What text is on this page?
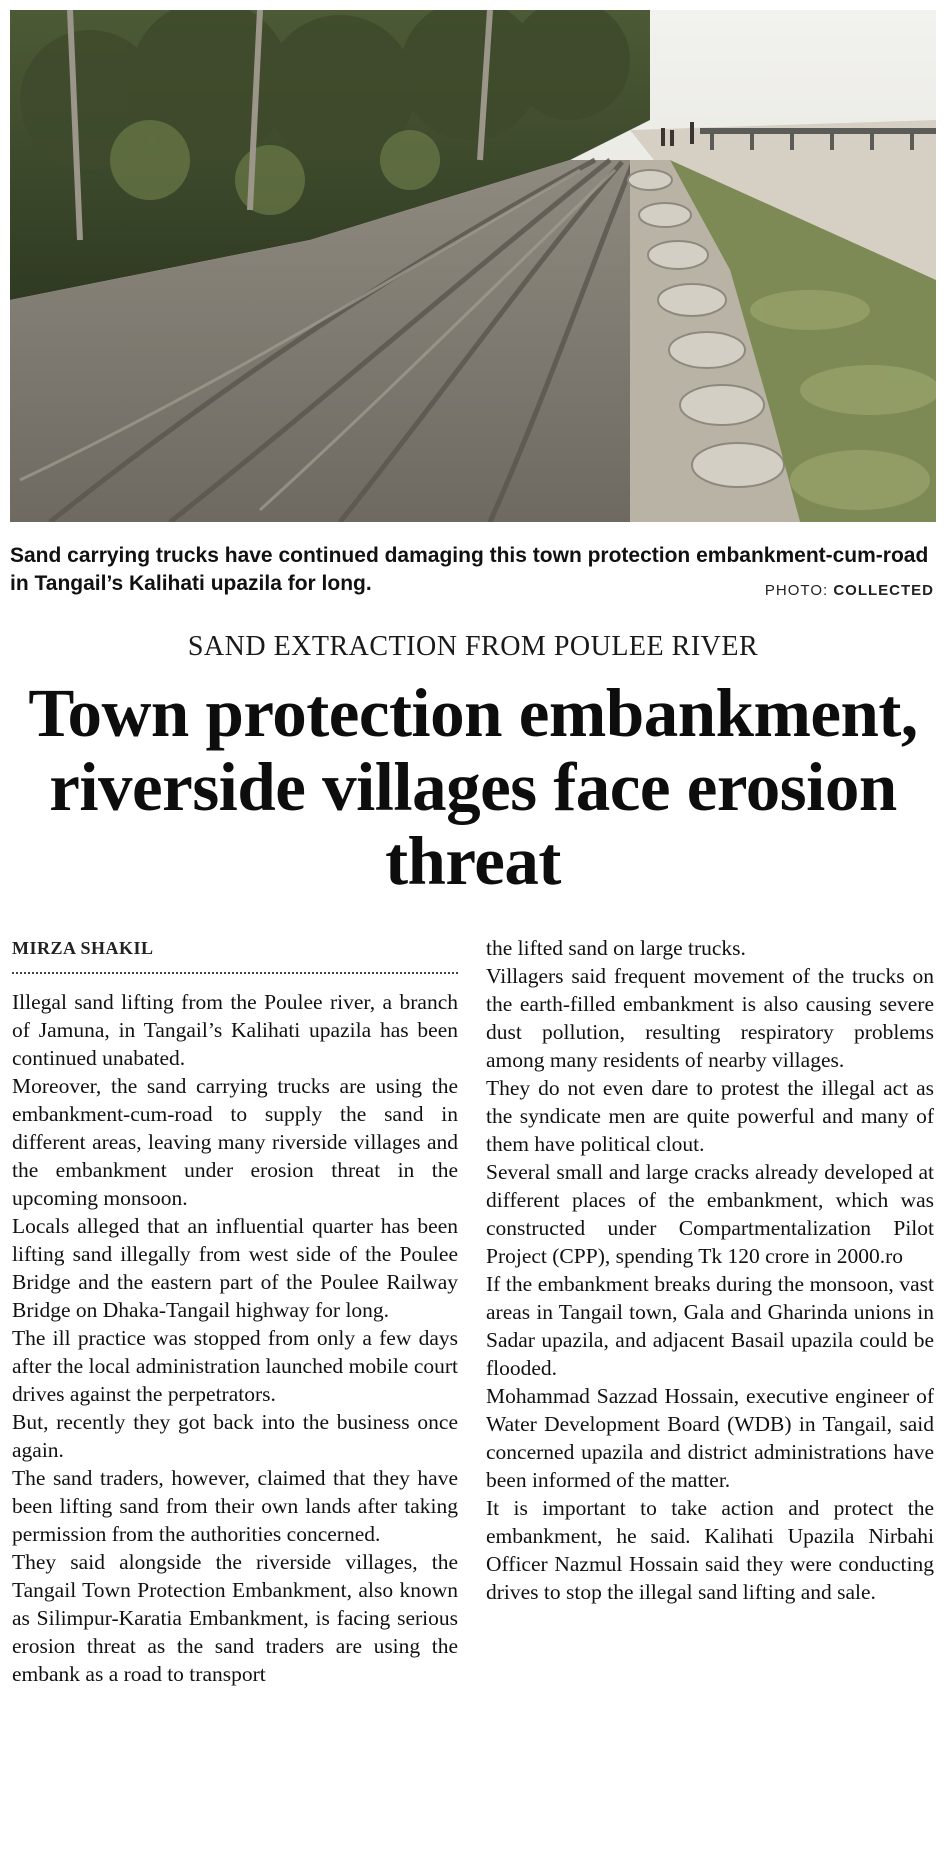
Sand carrying trucks have continued damaging this town protection embankment-cum-road in Tangail’s Kalihati upazila for long.	PHOTO: COLLECTED
SAND EXTRACTION FROM POULEE RIVER
Town protection embankment, riverside villages face erosion threat
MIRZA SHAKIL

Illegal sand lifting from the Poulee river, a branch of Jamuna, in Tangail’s Kalihati upazila has been continued unabated.

Moreover, the sand carrying trucks are using the embankment-cum-road to supply the sand in different areas, leaving many riverside villages and the embankment under erosion threat in the upcoming monsoon.

Locals alleged that an influential quarter has been lifting sand illegally from west side of the Poulee Bridge and the eastern part of the Poulee Railway Bridge on Dhaka-Tangail highway for long.

The ill practice was stopped from only a few days after the local administration launched mobile court drives against the perpetrators.

But, recently they got back into the business once again.

The sand traders, however, claimed that they have been lifting sand from their own lands after taking permission from the authorities concerned.

They said alongside the riverside villages, the Tangail Town Protection Embankment, also known as Silimpur-Karatia Embankment, is facing serious erosion threat as the sand traders are using the embank as a road to transport

the lifted sand on large trucks.

Villagers said frequent movement of the trucks on the earth-filled embankment is also causing severe dust pollution, resulting respiratory problems among many residents of nearby villages.

They do not even dare to protest the illegal act as the syndicate men are quite powerful and many of them have political clout.

Several small and large cracks already developed at different places of the embankment, which was constructed under Compartmentalization Pilot Project (CPP), spending Tk 120 crore in 2000.ro

If the embankment breaks during the monsoon, vast areas in Tangail town, Gala and Gharinda unions in Sadar upazila, and adjacent Basail upazila could be flooded.

Mohammad Sazzad Hossain, executive engineer of Water Development Board (WDB) in Tangail, said concerned upazila and district administrations have been informed of the matter.

It is important to take action and protect the embankment, he said. Kalihati Upazila Nirbahi Officer Nazmul Hossain said they were conducting drives to stop the illegal sand lifting and sale.
